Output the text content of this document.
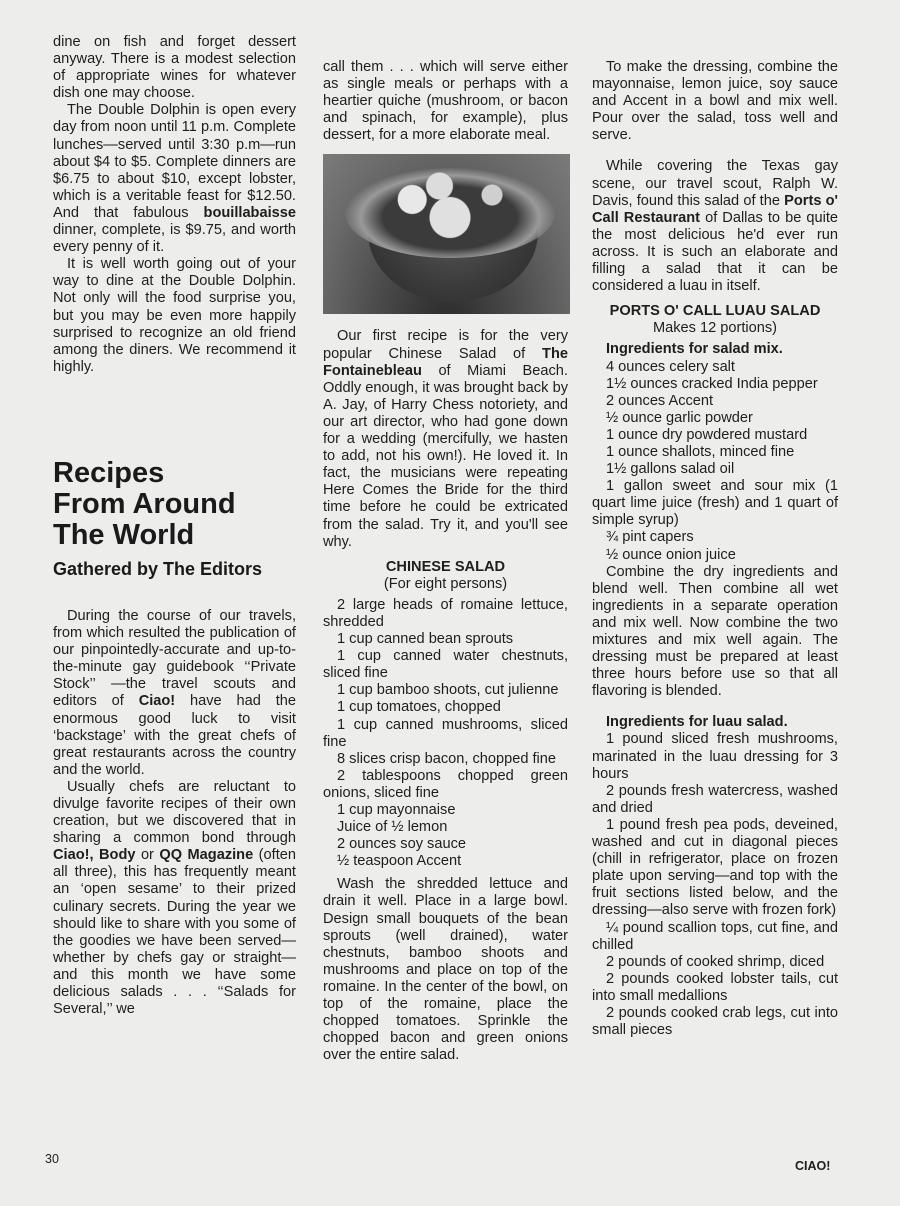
dine on fish and forget dessert anyway. There is a modest selection of appropriate wines for whatever dish one may choose.

The Double Dolphin is open every day from noon until 11 p.m. Complete lunches—served until 3:30 p.m—run about $4 to $5. Complete dinners are $6.75 to about $10, except lobster, which is a veritable feast for $12.50. And that fabulous bouillabaisse dinner, complete, is $9.75, and worth every penny of it.

It is well worth going out of your way to dine at the Double Dolphin. Not only will the food surprise you, but you may be even more happily surprised to recognize an old friend among the diners. We recommend it highly.

Recipes
From Around
The World
Gathered by The Editors

During the course of our travels, from which resulted the publication of our pinpointedly-accurate and up-to-the-minute gay guidebook ‘‘Private Stock’’ —the travel scouts and editors of Ciao! have had the enormous good luck to visit ‘backstage’ with the great chefs of great restaurants across the country and the world.

Usually chefs are reluctant to divulge favorite recipes of their own creation, but we discovered that in sharing a common bond through Ciao!, Body or QQ Magazine (often all three), this has frequently meant an ‘open sesame’ to their prized culinary secrets. During the year we should like to share with you some of the goodies we have been served—whether by chefs gay or straight—and this month we have some delicious salads . . . ‘‘Salads for Several,’’ we

call them . . . which will serve either as single meals or perhaps with a heartier quiche (mushroom, or bacon and spinach, for example), plus dessert, for a more elaborate meal.

Our first recipe is for the very popular Chinese Salad of The Fontainebleau of Miami Beach. Oddly enough, it was brought back by A. Jay, of Harry Chess notoriety, and our art director, who had gone down for a wedding (mercifully, we hasten to add, not his own!). He loved it. In fact, the musicians were repeating Here Comes the Bride for the third time before he could be extricated from the salad. Try it, and you'll see why.

CHINESE SALAD
(For eight persons)

2 large heads of romaine lettuce, shredded

1 cup canned bean sprouts

1 cup canned water chestnuts, sliced fine

1 cup bamboo shoots, cut julienne

1 cup tomatoes, chopped

1 cup canned mushrooms, sliced fine

8 slices crisp bacon, chopped fine

2 tablespoons chopped green onions, sliced fine

1 cup mayonnaise

Juice of ½ lemon

2 ounces soy sauce

½ teaspoon Accent

Wash the shredded lettuce and drain it well. Place in a large bowl. Design small bouquets of the bean sprouts (well drained), water chestnuts, bamboo shoots and mushrooms and place on top of the romaine. In the center of the bowl, on top of the romaine, place the chopped tomatoes. Sprinkle the chopped bacon and green onions over the entire salad.

To make the dressing, combine the mayonnaise, lemon juice, soy sauce and Accent in a bowl and mix well. Pour over the salad, toss well and serve.

While covering the Texas gay scene, our travel scout, Ralph W. Davis, found this salad of the Ports o' Call Restaurant of Dallas to be quite the most delicious he'd ever run across. It is such an elaborate and filling a salad that it can be considered a luau in itself.

PORTS O' CALL LUAU SALAD
Makes 12 portions)

Ingredients for salad mix.

4 ounces celery salt

1½ ounces cracked India pepper

2 ounces Accent

½ ounce garlic powder

1 ounce dry powdered mustard

1 ounce shallots, minced fine

1½ gallons salad oil

1 gallon sweet and sour mix (1 quart lime juice (fresh) and 1 quart of simple syrup)

¾ pint capers

½ ounce onion juice

Combine the dry ingredients and blend well. Then combine all wet ingredients in a separate operation and mix well. Now combine the two mixtures and mix well again. The dressing must be prepared at least three hours before use so that all flavoring is blended.

Ingredients for luau salad.

1 pound sliced fresh mushrooms, marinated in the luau dressing for 3 hours

2 pounds fresh watercress, washed and dried

1 pound fresh pea pods, deveined, washed and cut in diagonal pieces (chill in refrigerator, place on frozen plate upon serving—and top with the fruit sections listed below, and the dressing—also serve with frozen fork)

¼ pound scallion tops, cut fine, and chilled

2 pounds of cooked shrimp, diced

2 pounds cooked lobster tails, cut into small medallions

2 pounds cooked crab legs, cut into small pieces

30	CIAO!
